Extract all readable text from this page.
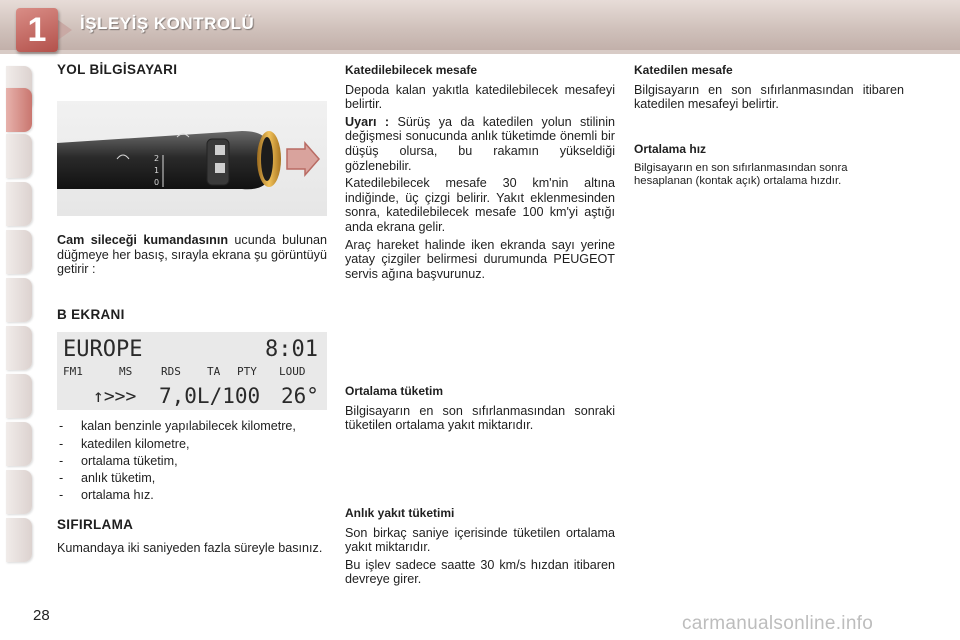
1	İŞLEYİŞ KONTROLÜ
YOL BİLGİSAYARI
2
1
0

Cam sileceği kumandasının ucunda bulunan düğmeye her basış, sırayla ekrana şu görüntüyü getirir :

B EKRANI
EUROPE	8:01
FM1	MS	RDS TA PTY LOUD
↑>>> 7,0L/100 26°
- kalan benzinle yapılabilecek kilometre,
- katedilen kilometre,
- ortalama tüketim,
- anlık tüketim,
- ortalama hız.
SIFIRLAMA

Kumandaya iki saniyeden fazla süreyle basınız.

Katedilebilecek mesafe

Depoda kalan yakıtla katedilebilecek mesafeyi belirtir.

Uyarı : Sürüş ya da katedilen yolun stilinin değişmesi sonucunda anlık tüketimde önemli bir düşüş olursa, bu rakamın yükseldiği gözlenebilir.

Katedilebilecek mesafe 30 km'nin altına indiğinde, üç çizgi belirir. Yakıt eklenmesinden sonra, katedilebilecek mesafe 100 km'yi aştığı anda ekrana gelir.

Araç hareket halinde iken ekranda sayı yerine yatay çizgiler belirmesi durumunda PEUGEOT servis ağına başvurunuz.

Ortalama tüketim

Bilgisayarın en son sıfırlanmasından sonraki tüketilen ortalama yakıt miktarıdır.

Anlık yakıt tüketimi

Son birkaç saniye içerisinde tüketilen ortalama yakıt miktarıdır.

Bu işlev sadece saatte 30 km/s hızdan itibaren devreye girer.

Katedilen mesafe

Bilgisayarın en son sıfırlanmasından itibaren katedilen mesafeyi belirtir.

Ortalama hız

Bilgisayarın en son sıfırlanmasından sonra hesaplanan (kontak açık) ortalama hızdır.

28	carmanualsonline.info
